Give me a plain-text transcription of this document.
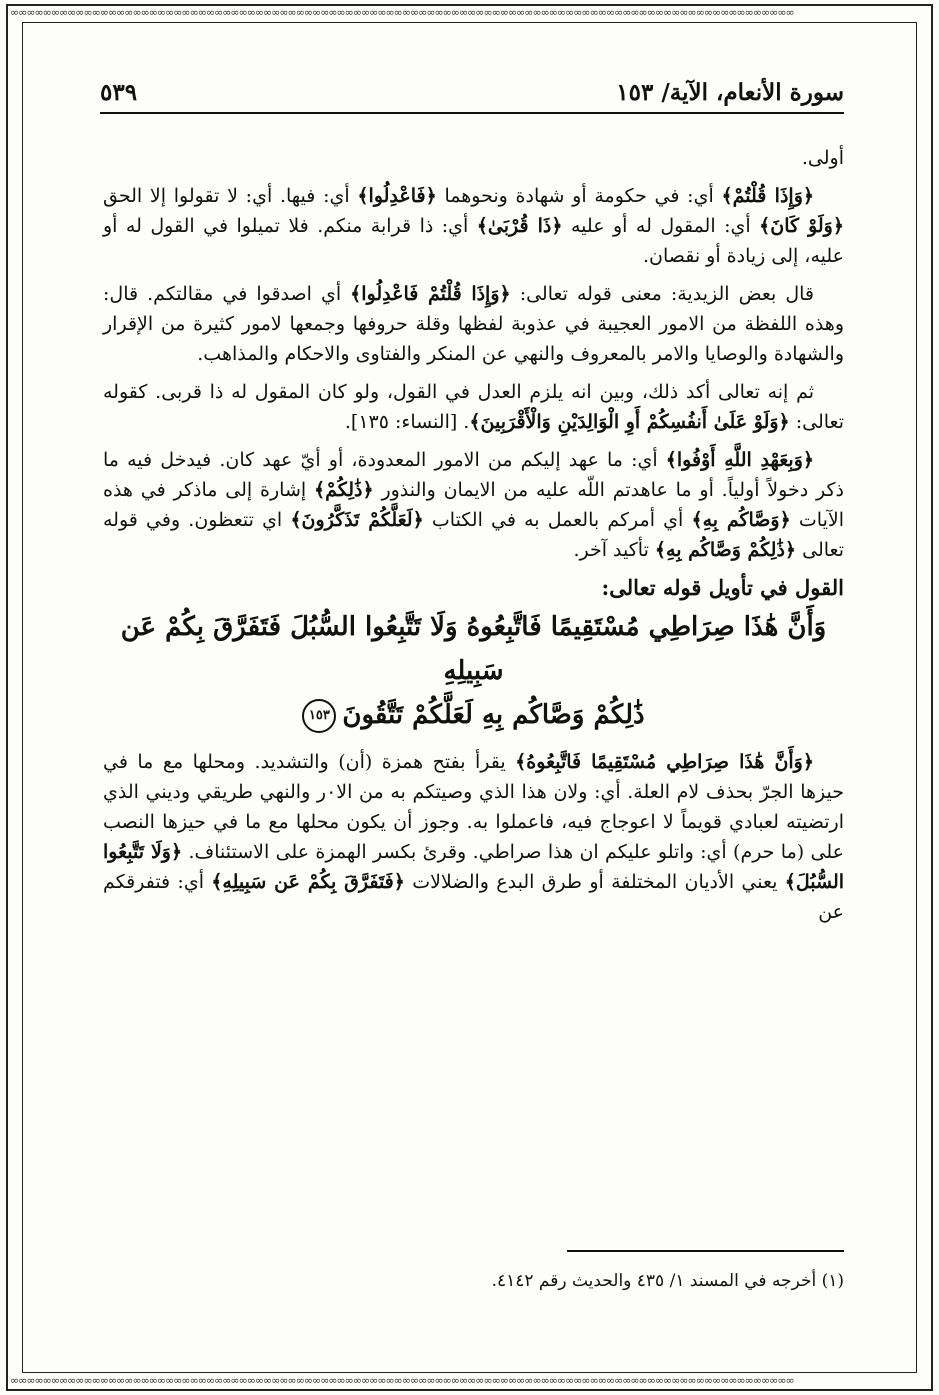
∞∞∞∞∞∞∞∞∞∞∞∞∞∞∞∞∞∞∞∞∞∞∞∞∞∞∞∞∞∞∞∞∞∞∞∞∞∞∞∞∞∞∞∞∞∞∞∞∞∞∞∞∞∞∞∞∞∞∞∞∞∞∞∞∞∞∞∞∞∞∞∞∞∞∞∞∞∞∞∞∞∞∞∞∞∞∞∞∞∞∞∞∞∞∞∞
∞∞∞∞∞∞∞∞∞∞∞∞∞∞∞∞∞∞∞∞∞∞∞∞∞∞∞∞∞∞∞∞∞∞∞∞∞∞∞∞∞∞∞∞∞∞∞∞∞∞∞∞∞∞∞∞∞∞∞∞∞∞∞∞∞∞∞∞∞∞∞∞∞∞∞∞∞∞∞∞∞∞∞∞∞∞∞∞∞∞∞∞∞∞∞∞
سورة الأنعام، الآية/ ١٥٣
٥٣٩

أولى.

﴿وَإِذَا قُلْتُمْ﴾ أي: في حكومة أو شهادة ونحوهما ﴿فَاعْدِلُوا﴾ أي: فيها. أي: لا تقولوا إلا الحق ﴿وَلَوْ كَانَ﴾ أي: المقول له أو عليه ﴿ذَا قُرْبَىٰ﴾ أي: ذا قرابة منكم. فلا تميلوا في القول له أو عليه، إلى زيادة أو نقصان.

قال بعض الزيدية: معنى قوله تعالى: ﴿وَإِذَا قُلْتُمْ فَاعْدِلُوا﴾ أي اصدقوا في مقالتكم. قال: وهذه اللفظة من الامور العجيبة في عذوبة لفظها وقلة حروفها وجمعها لامور كثيرة من الإقرار والشهادة والوصايا والامر بالمعروف والنهي عن المنكر والفتاوى والاحكام والمذاهب.

ثم إنه تعالى أكد ذلك، وبين انه يلزم العدل في القول، ولو كان المقول له ذا قربى. كقوله تعالى: ﴿وَلَوْ عَلَىٰ أَنفُسِكُمْ أَوِ الْوَالِدَيْنِ وَالْأَقْرَبِينَ﴾. [النساء: ١٣٥].

﴿وَبِعَهْدِ اللَّهِ أَوْفُوا﴾ أي: ما عهد إليكم من الامور المعدودة، أو أيّ عهد كان. فيدخل فيه ما ذكر دخولاً أولياً. أو ما عاهدتم اللّه عليه من الايمان والنذور ﴿ذَٰلِكُمْ﴾ إشارة إلى ماذكر في هذه الآيات ﴿وَصَّاكُم بِهِ﴾ أي أمركم بالعمل به في الكتاب ﴿لَعَلَّكُمْ تَذَكَّرُونَ﴾ اي تتعظون. وفي قوله تعالى ﴿ذَٰلِكُمْ وَصَّاكُم بِهِ﴾ تأكيد آخر.

القول في تأويل قوله تعالى:
وَأَنَّ هَٰذَا صِرَاطِي مُسْتَقِيمًا فَاتَّبِعُوهُ وَلَا تَتَّبِعُوا السُّبُلَ فَتَفَرَّقَ بِكُمْ عَن سَبِيلِهِ
ذَٰلِكُمْ وَصَّاكُم بِهِ لَعَلَّكُمْ تَتَّقُونَ١٥٣

﴿وَأَنَّ هَٰذَا صِرَاطِي مُسْتَقِيمًا فَاتَّبِعُوهُ﴾ يقرأ بفتح همزة (أن) والتشديد. ومحلها مع ما في حيزها الجرّ بحذف لام العلة. أي: ولان هذا الذي وصيتكم به من الا٠ر والنهي طريقي وديني الذي ارتضيته لعبادي قويماً لا اعوجاج فيه، فاعملوا به. وجوز أن يكون محلها مع ما في حيزها النصب على (ما حرم) أي: واتلو عليكم ان هذا صراطي. وقرئ بكسر الهمزة على الاستئناف. ﴿وَلَا تَتَّبِعُوا السُّبُلَ﴾ يعني الأديان المختلفة أو طرق البدع والضلالات ﴿فَتَفَرَّقَ بِكُمْ عَن سَبِيلِهِ﴾ أي: فتفرقكم عن

(١) أخرجه في المسند ١/ ٤٣٥ والحديث رقم ٤١٤٢.
